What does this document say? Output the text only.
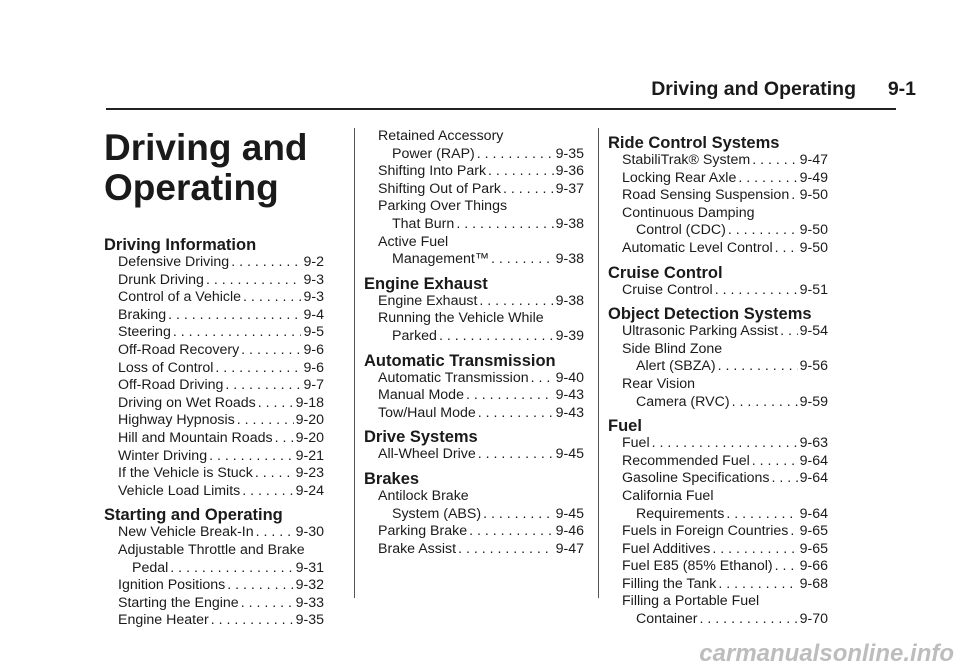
Driving and Operating 9-1
Driving and
Operating
Driving Information
Defensive Driving . . .	9-2
Drunk Driving . . .	9-3
Control of a Vehicle . . .	9-3
Braking . . .	9-4
Steering . . .	9-5
Off-Road Recovery . . .	9-6
Loss of Control . . .	9-6
Off-Road Driving . . .	9-7
Driving on Wet Roads . . .	9-18
Highway Hypnosis . . .	9-20
Hill and Mountain Roads . . . 9-20
Winter Driving . . .	9-21
If the Vehicle is Stuck . . .	9-23
Vehicle Load Limits . . .	9-24
Starting and Operating
New Vehicle Break-In . . .	9-30
Adjustable Throttle and Brake
Pedal . . .	9-31
Ignition Positions . . .	9-32
Starting the Engine . . .	9-33
Engine Heater . . .	9-35
Retained Accessory
Power (RAP) . . .	9-35
Shifting Into Park . . .	9-36
Shifting Out of Park . . .	9-37
Parking Over Things
That Burn . . .	9-38
Active Fuel
Management™ . . .	9-38
Engine Exhaust
Engine Exhaust . . .	9-38
Running the Vehicle While
Parked . . .	9-39
Automatic Transmission
Automatic Transmission . . . 9-40
Manual Mode . . .	9-43
Tow/Haul Mode . . .	9-43
Drive Systems
All-Wheel Drive . . .	9-45
Brakes
Antilock Brake
System (ABS) . . .	9-45
Parking Brake . . .	9-46
Brake Assist . . .	9-47
Ride Control Systems
StabiliTrak® System . . .	9-47
Locking Rear Axle . . .	9-49
Road Sensing Suspension . . . 9-50
Continuous Damping
Control (CDC) . . .	9-50
Automatic Level Control . . . 9-50
Cruise Control
Cruise Control . . .	9-51
Object Detection Systems
Ultrasonic Parking Assist . . . 9-54
Side Blind Zone
Alert (SBZA) . . .	9-56
Rear Vision
Camera (RVC) . . .	9-59
Fuel
Fuel . . .	9-63
Recommended Fuel . . .	9-64
Gasoline Specifications . . . 9-64
California Fuel
Requirements . . .	9-64
Fuels in Foreign Countries . . . 9-65
Fuel Additives . . .	9-65
Fuel E85 (85% Ethanol) . . . 9-66
Filling the Tank . . .	9-68
Filling a Portable Fuel
Container . . .	9-70
carmanualsonline.info
